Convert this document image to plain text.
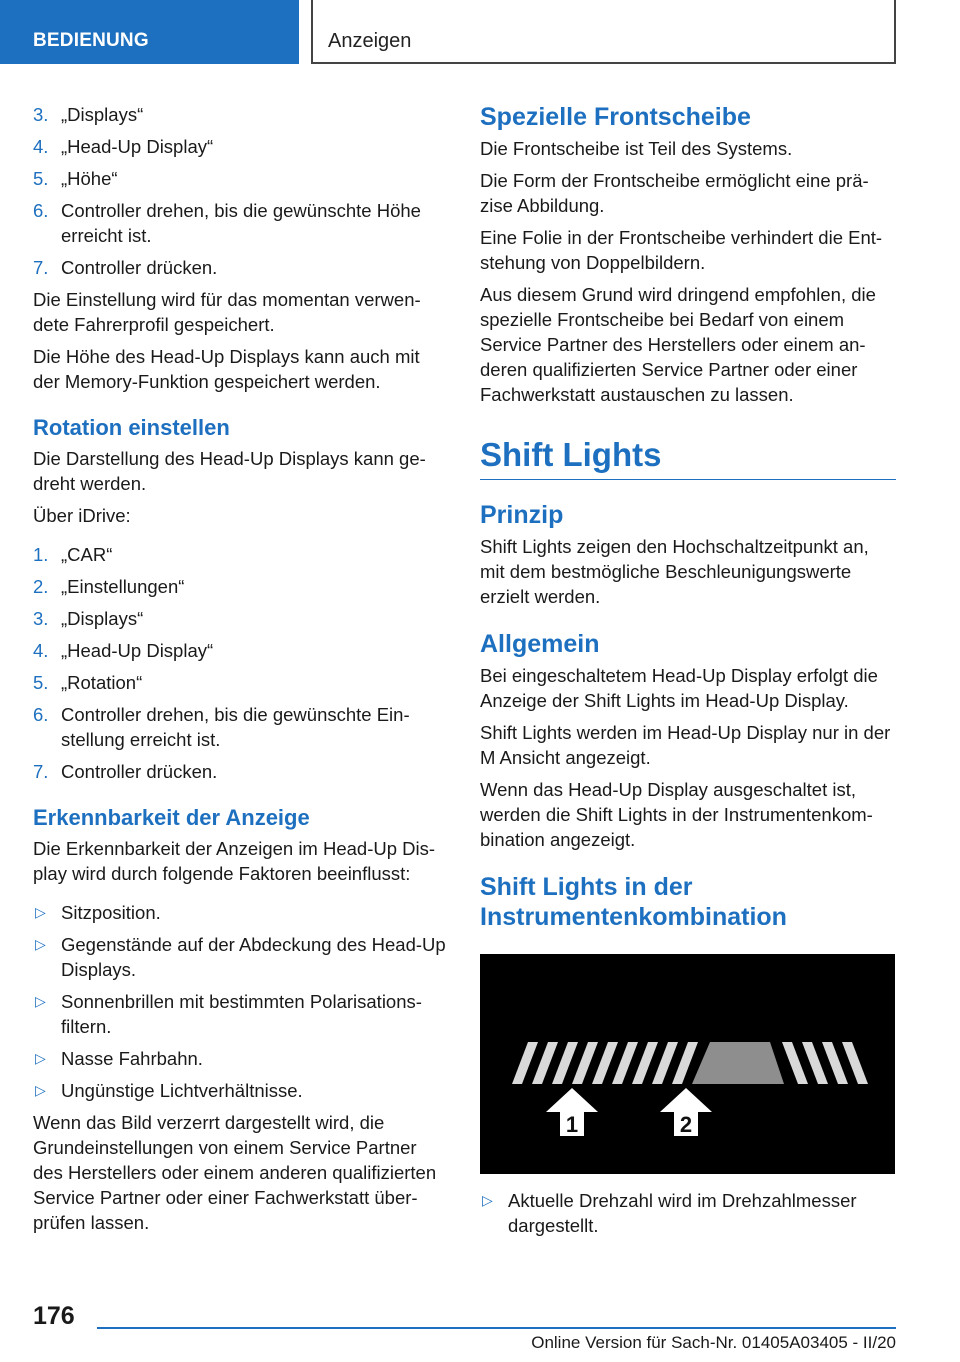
BEDIENUNG	Anzeigen
3. „Displays“
4. „Head-Up Display“
5. „Höhe“
6. Controller drehen, bis die gewünschte Höhe erreicht ist.
7. Controller drücken.

Die Einstellung wird für das momentan verwen-dete Fahrerprofil gespeichert.

Die Höhe des Head-Up Displays kann auch mit der Memory-Funktion gespeichert werden.

Rotation einstellen

Die Darstellung des Head-Up Displays kann ge-dreht werden.

Über iDrive:

1. „CAR“
2. „Einstellungen“
3. „Displays“
4. „Head-Up Display“
5. „Rotation“
6. Controller drehen, bis die gewünschte Ein-stellung erreicht ist.
7. Controller drücken.
Erkennbarkeit der Anzeige

Die Erkennbarkeit der Anzeigen im Head-Up Dis-play wird durch folgende Faktoren beeinflusst:

▷ Sitzposition.
▷ Gegenstände auf der Abdeckung des Head-Up Displays.
▷ Sonnenbrillen mit bestimmten Polarisations-filtern.
▷ Nasse Fahrbahn.
▷ Ungünstige Lichtverhältnisse.

Wenn das Bild verzerrt dargestellt wird, die Grundeinstellungen von einem Service Partner des Herstellers oder einem anderen qualifizierten Service Partner oder einer Fachwerkstatt über-prüfen lassen.

Spezielle Frontscheibe

Die Frontscheibe ist Teil des Systems.

Die Form der Frontscheibe ermöglicht eine prä-zise Abbildung.

Eine Folie in der Frontscheibe verhindert die Ent-stehung von Doppelbildern.

Aus diesem Grund wird dringend empfohlen, die spezielle Frontscheibe bei Bedarf von einem Service Partner des Herstellers oder einem an-deren qualifizierten Service Partner oder einer Fachwerkstatt austauschen zu lassen.

Shift Lights
Prinzip

Shift Lights zeigen den Hochschaltzeitpunkt an, mit dem bestmögliche Beschleunigungswerte erzielt werden.

Allgemein

Bei eingeschaltetem Head-Up Display erfolgt die Anzeige der Shift Lights im Head-Up Display.

Shift Lights werden im Head-Up Display nur in der M Ansicht angezeigt.

Wenn das Head-Up Display ausgeschaltet ist, werden die Shift Lights in der Instrumentenkom-bination angezeigt.

Shift Lights in der Instrumentenkombination
1	2
▷ Aktuelle Drehzahl wird im Drehzahlmesser dargestellt.
176
Online Version für Sach-Nr. 01405A03405 - II/20
